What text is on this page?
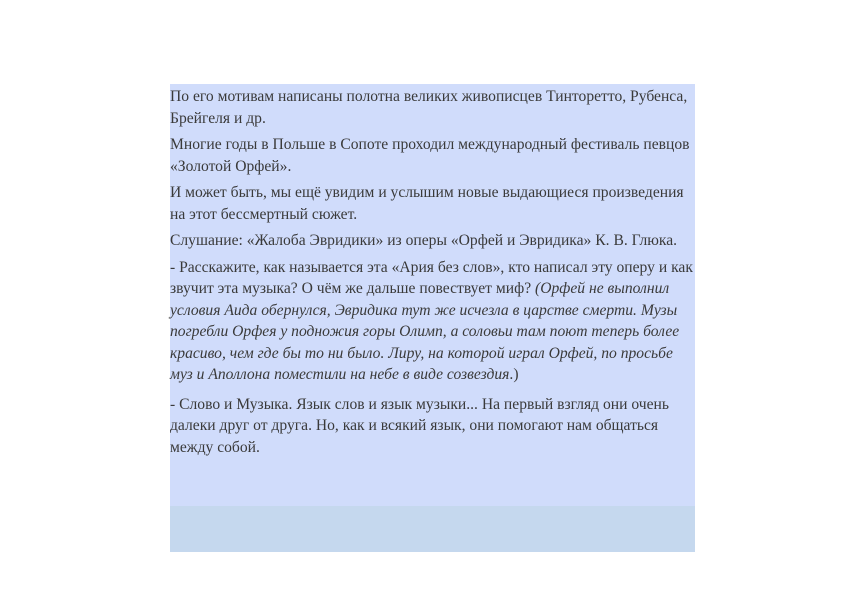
По его мотивам написаны полотна великих живописцев Тинторетто, Рубенса, Брейгеля и др.

Многие годы в Польше в Сопоте проходил международный фестиваль певцов «Золотой Орфей».

И может быть, мы ещё увидим и услышим новые выдающиеся произведения на этот бессмертный сюжет.

Слушание: «Жалоба Эвридики» из оперы «Орфей и Эвридика» К. В. Глюка.

- Расскажите, как называется эта «Ария без слов», кто написал эту оперу и как звучит эта музыка? О чём же дальше повествует миф? (Орфей не выполнил условия Аида обернулся, Эвридика тут же исчезла в царстве смерти. Музы погребли Орфея у подножия горы Олимп, а соловьи там поют теперь более красиво, чем где бы то ни было. Лиру, на которой играл Орфей, по просьбе муз и Аполлона поместили на небе в виде созвездия.)

- Слово и Музыка. Язык слов и язык музыки... На первый взгляд они очень далеки друг от друга. Но, как и всякий язык, они помогают нам общаться между собой.
